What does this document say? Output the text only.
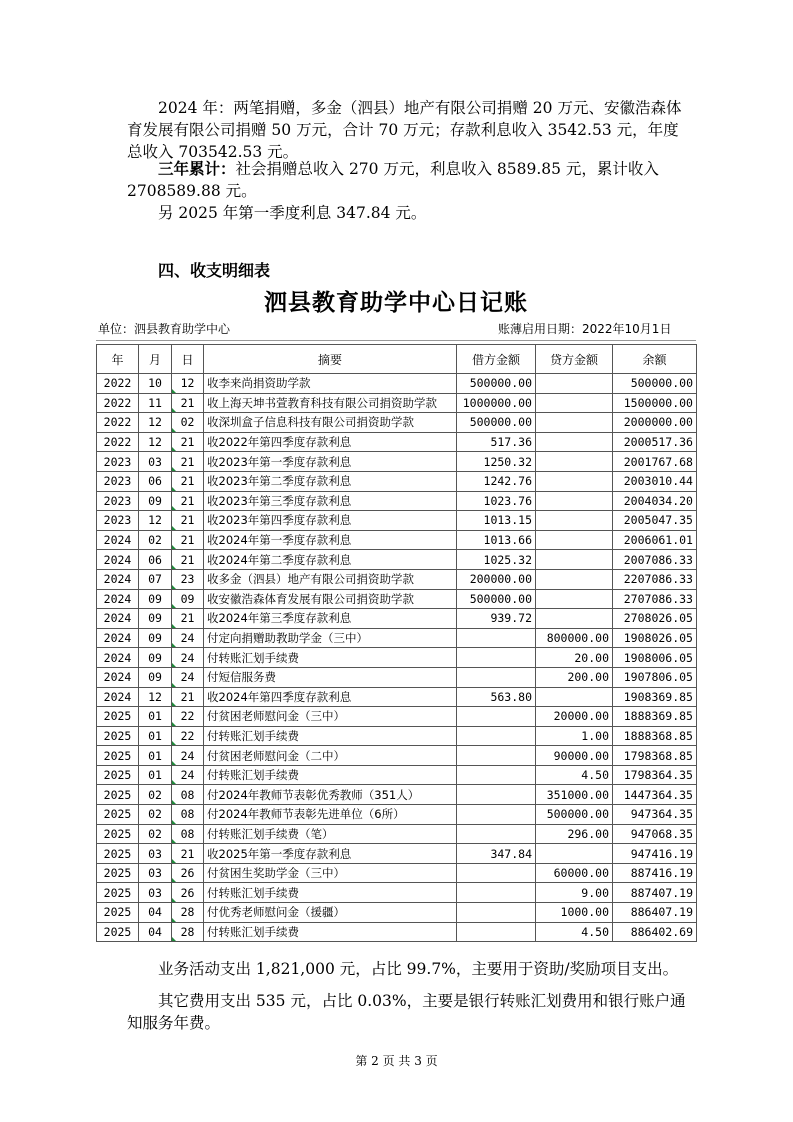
2024 年：两笔捐赠，多金（泗县）地产有限公司捐赠 20 万元、安徽浩森体育发展有限公司捐赠 50 万元，合计 70 万元；存款利息收入 3542.53 元，年度总收入 703542.53 元。

三年累计：社会捐赠总收入 270 万元，利息收入 8589.85 元，累计收入 2708589.88 元。

另 2025 年第一季度利息 347.84 元。

四、收支明细表
泗县教育助学中心日记账
单位：泗县教育助学中心	账薄启用日期：2022年10月1日
年	月	日	摘要	借方金额	贷方金额	余额
2022	10	12	收李来尚捐资助学款	500000.00		500000.00
2022	11	21	收上海天坤书萱教育科技有限公司捐资助学款	1000000.00		1500000.00
2022	12	02	收深圳盒子信息科技有限公司捐资助学款	500000.00		2000000.00
2022	12	21	收2022年第四季度存款利息	517.36		2000517.36
2023	03	21	收2023年第一季度存款利息	1250.32		2001767.68
2023	06	21	收2023年第二季度存款利息	1242.76		2003010.44
2023	09	21	收2023年第三季度存款利息	1023.76		2004034.20
2023	12	21	收2023年第四季度存款利息	1013.15		2005047.35
2024	02	21	收2024年第一季度存款利息	1013.66		2006061.01
2024	06	21	收2024年第二季度存款利息	1025.32		2007086.33
2024	07	23	收多金（泗县）地产有限公司捐资助学款	200000.00		2207086.33
2024	09	09	收安徽浩森体育发展有限公司捐资助学款	500000.00		2707086.33
2024	09	21	收2024年第三季度存款利息	939.72		2708026.05
2024	09	24	付定向捐赠助教助学金（三中）		800000.00	1908026.05
2024	09	24	付转账汇划手续费		20.00	1908006.05
2024	09	24	付短信服务费		200.00	1907806.05
2024	12	21	收2024年第四季度存款利息	563.80		1908369.85
2025	01	22	付贫困老师慰问金（三中）		20000.00	1888369.85
2025	01	22	付转账汇划手续费		1.00	1888368.85
2025	01	24	付贫困老师慰问金（二中）		90000.00	1798368.85
2025	01	24	付转账汇划手续费		4.50	1798364.35
2025	02	08	付2024年教师节表彰优秀教师（351人）		351000.00	1447364.35
2025	02	08	付2024年教师节表彰先进单位（6所）		500000.00	947364.35
2025	02	08	付转账汇划手续费（笔）		296.00	947068.35
2025	03	21	收2025年第一季度存款利息	347.84		947416.19
2025	03	26	付贫困生奖助学金（三中）		60000.00	887416.19
2025	03	26	付转账汇划手续费		9.00	887407.19
2025	04	28	付优秀老师慰问金（援疆）		1000.00	886407.19
2025	04	28	付转账汇划手续费		4.50	886402.69

业务活动支出 1,821,000 元，占比 99.7%，主要用于资助/奖励项目支出。

其它费用支出 535 元，占比 0.03%，主要是银行转账汇划费用和银行账户通知服务年费。

第 2 页 共 3 页
